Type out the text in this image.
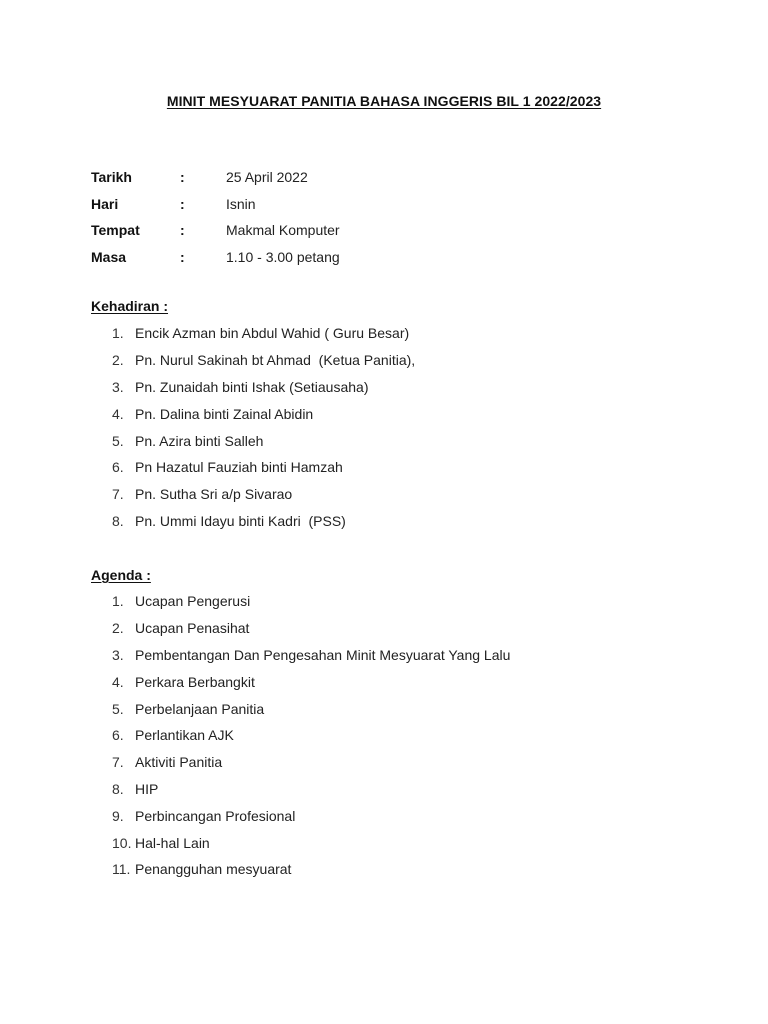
MINIT MESYUARAT PANITIA BAHASA INGGERIS BIL 1 2022/2023
Tarikh	:	25 April 2022
Hari	:	Isnin
Tempat	:	Makmal Komputer
Masa	:	1.10 - 3.00 petang
Kehadiran :
1. Encik Azman bin Abdul Wahid ( Guru Besar)
2. Pn. Nurul Sakinah bt Ahmad  (Ketua Panitia),
3. Pn. Zunaidah binti Ishak (Setiausaha)
4. Pn. Dalina binti Zainal Abidin
5. Pn. Azira binti Salleh
6. Pn Hazatul Fauziah binti Hamzah
7. Pn. Sutha Sri a/p Sivarao
8. Pn. Ummi Idayu binti Kadri  (PSS)
Agenda :
1. Ucapan Pengerusi
2. Ucapan Penasihat
3. Pembentangan Dan Pengesahan Minit Mesyuarat Yang Lalu
4. Perkara Berbangkit
5. Perbelanjaan Panitia
6. Perlantikan AJK
7. Aktiviti Panitia
8. HIP
9. Perbincangan Profesional
10. Hal-hal Lain
11. Penangguhan mesyuarat
